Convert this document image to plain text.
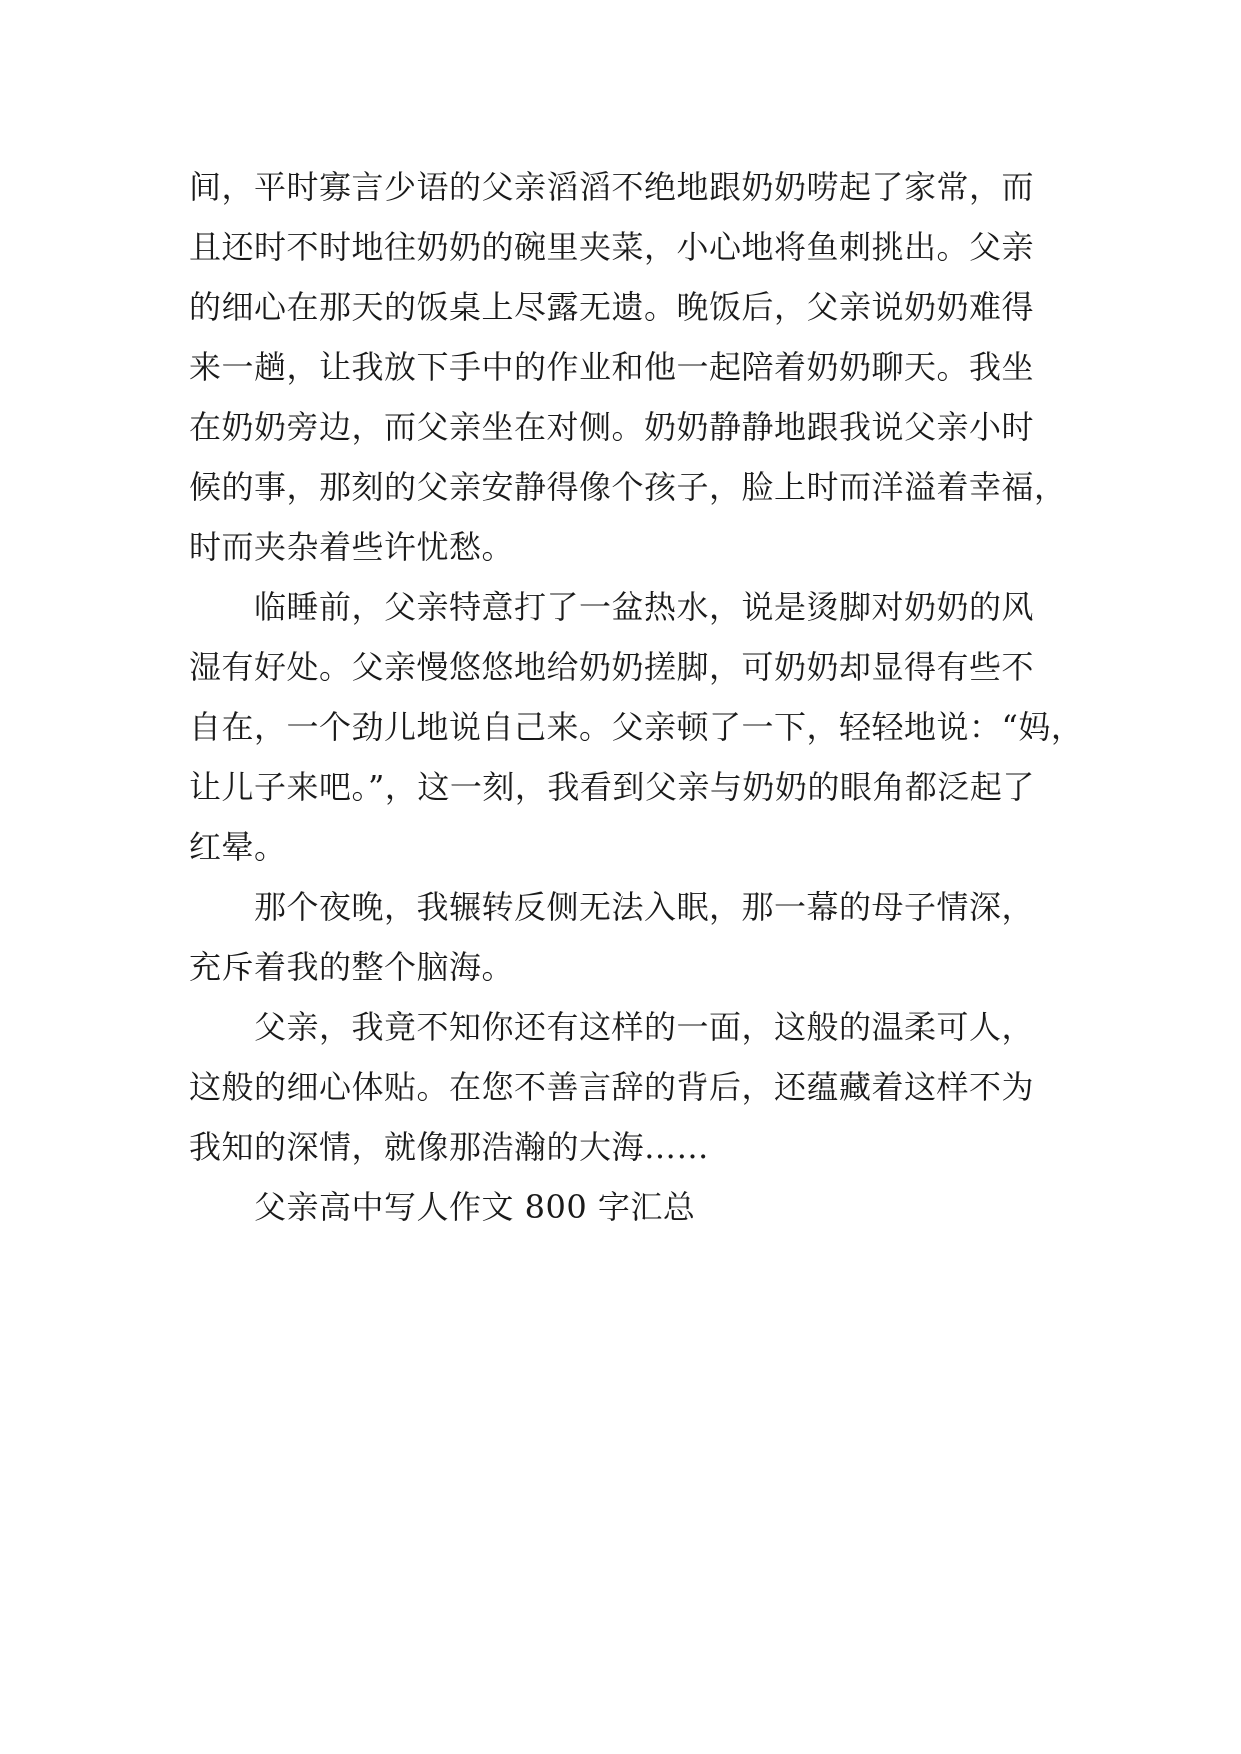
间，平时寡言少语的父亲滔滔不绝地跟奶奶唠起了家常，而
且还时不时地往奶奶的碗里夹菜，小心地将鱼刺挑出。父亲
的细心在那天的饭桌上尽露无遗。晚饭后，父亲说奶奶难得
来一趟，让我放下手中的作业和他一起陪着奶奶聊天。我坐
在奶奶旁边，而父亲坐在对侧。奶奶静静地跟我说父亲小时
候的事，那刻的父亲安静得像个孩子，脸上时而洋溢着幸福，
时而夹杂着些许忧愁。
　　临睡前，父亲特意打了一盆热水，说是烫脚对奶奶的风
湿有好处。父亲慢悠悠地给奶奶搓脚，可奶奶却显得有些不
自在，一个劲儿地说自己来。父亲顿了一下，轻轻地说：“妈，
让儿子来吧。”，这一刻，我看到父亲与奶奶的眼角都泛起了
红晕。
　　那个夜晚，我辗转反侧无法入眠，那一幕的母子情深，
充斥着我的整个脑海。
　　父亲，我竟不知你还有这样的一面，这般的温柔可人，
这般的细心体贴。在您不善言辞的背后，还蕴藏着这样不为
我知的深情，就像那浩瀚的大海……
　　父亲高中写人作文 800 字汇总
